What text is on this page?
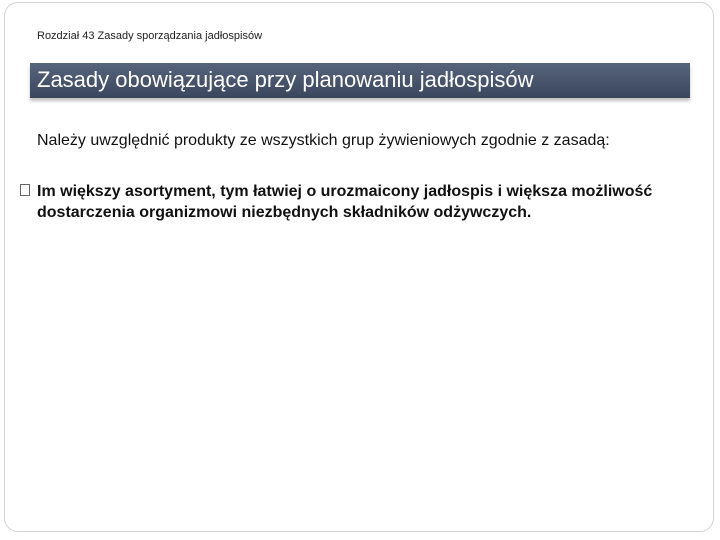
Rozdział 43 Zasady sporządzania jadłospisów
Zasady obowiązujące przy planowaniu jadłospisów
Należy uwzględnić produkty ze wszystkich grup żywieniowych zgodnie z zasadą:
Im większy asortyment, tym łatwiej o urozmaicony jadłospis i większa możliwość dostarczenia organizmowi niezbędnych składników odżywczych.
